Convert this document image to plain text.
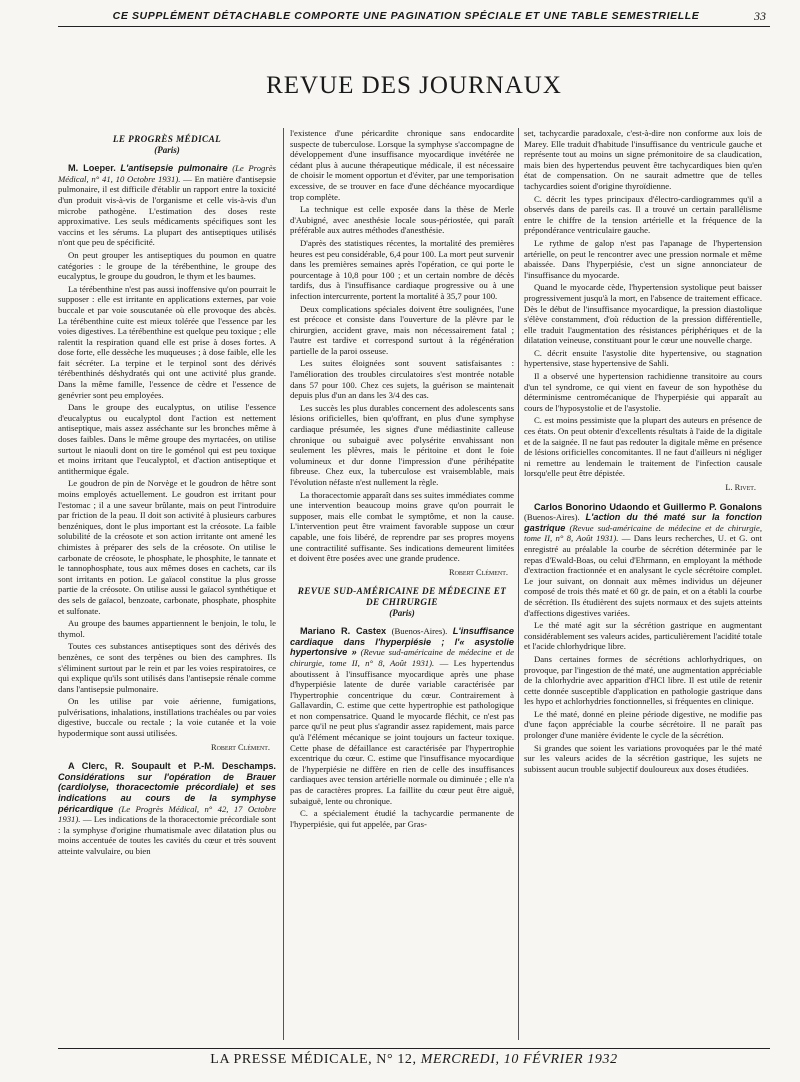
CE SUPPLÉMENT DÉTACHABLE COMPORTE UNE PAGINATION SPÉCIALE ET UNE TABLE SEMESTRIELLE	33
REVUE DES JOURNAUX
LE PROGRÈS MÉDICAL
(Paris)

M. Loeper. L'antisepsie pulmonaire (Le Progrès Médical, n° 41, 10 Octobre 1931). — En matière d'antisepsie pulmonaire, il est difficile d'établir un rapport entre la toxicité d'un produit vis-à-vis de l'organisme et celle vis-à-vis d'un microbe pathogène. L'estimation des doses reste approximative. Les seuls médicaments spécifiques sont les vaccins et les sérums. La plupart des antiseptiques utilisés n'ont que peu de spécificité.

On peut grouper les antiseptiques du poumon en quatre catégories : le groupe de la térébenthine, le groupe des eucalyptus, le groupe du goudron, le thym et les baumes.

La térébenthine n'est pas aussi inoffensive qu'on pourrait le supposer : elle est irritante en applications externes, par voie buccale et par voie souscutanée où elle provoque des abcès. La térébenthine cuite est mieux tolérée que l'essence par les voies digestives. La térébenthine est quelque peu toxique ; elle ralentit la respiration quand elle est prise à doses fortes. A dose forte, elle dessèche les muqueuses ; à dose faible, elle les fait sécréter. La terpine et le terpinol sont des dérivés térébenthinés déshydratés qui ont une activité plus grande. Dans la même famille, l'essence de cèdre et l'essence de genévrier sont peu employées.

Dans le groupe des eucalyptus, on utilise l'essence d'eucalyptus ou eucalyptol dont l'action est nettement antiseptique, mais assez asséchante sur les bronches même à doses faibles. Dans le même groupe des myrtacées, on utilise surtout le niaouli dont on tire le goménol qui est peu toxique et moins irritant que l'eucalyptol, et d'action antiseptique et antithermique égale.

Le goudron de pin de Norvège et le goudron de hêtre sont moins employés actuellement. Le goudron est irritant pour l'estomac ; il a une saveur brûlante, mais on peut l'introduire par friction de la peau. Il doit son activité à plusieurs carbures benzéniques, dont le plus important est la créosote. La faible solubilité de la créosote et son action irritante ont amené les chimistes à préparer des sels de la créosote. On utilise le carbonate de créosote, le phosphate, le phosphite, le tannate et le tannophosphate, tous aux mêmes doses en cachets, car ils sont irritants en potion. Le gaïacol constitue la plus grosse partie de la créosote. On utilise aussi le gaïacol synthétique et des sels de gaïacol, benzoate, carbonate, phosphate, phosphite et sulfonate.

Au groupe des baumes appartiennent le benjoin, le tolu, le thymol.

Toutes ces substances antiseptiques sont des dérivés des benzènes, ce sont des terpènes ou bien des camphres. Ils s'éliminent surtout par le rein et par les voies respiratoires, ce qui explique qu'ils sont utilisés dans l'antisepsie rénale comme dans l'antisepsie pulmonaire.

On les utilise par voie aérienne, fumigations, pulvérisations, inhalations, instillations trachéales ou par voies digestive, buccale ou rectale ; la voie cutanée et la voie hypodermique sont aussi utilisées.

Robert Clément.

A Clerc, R. Soupault et P.-M. Deschamps. Considérations sur l'opération de Brauer (cardiolyse, thoracectomie précordiale) et ses indications au cours de la symphyse péricardique (Le Progrès Médical, n° 42, 17 Octobre 1931). — Les indications de la thoracectomie précordiale sont : la symphyse d'origine rhumatismale avec dilatation plus ou moins accentuée de toutes les cavités du cœur et très souvent atteinte valvulaire, ou bien

l'existence d'une péricardite chronique sans endocardite suspecte de tuberculose. Lorsque la symphyse s'accompagne de développement d'une insuffisance myocardique invétérée ne cédant plus à aucune thérapeutique médicale, il est nécessaire de choisir le moment opportun et d'éviter, par une temporisation excessive, de se trouver en face d'une déchéance myocardique trop complète.

La technique est celle exposée dans la thèse de Merle d'Aubigné, avec anesthésie locale sous-périostée, qui paraît préférable aux autres méthodes d'anesthésie.

D'après des statistiques récentes, la mortalité des premières heures est peu considérable, 6,4 pour 100. La mort peut survenir dans les premières semaines après l'opération, ce qui porte le pourcentage à 10,8 pour 100 ; et un certain nombre de décès tardifs, dus à l'insuffisance cardiaque progressive ou à une infection intercurrente, portent la mortalité à 35,7 pour 100.

Deux complications spéciales doivent être soulignées, l'une est précoce et consiste dans l'ouverture de la plèvre par le chirurgien, accident grave, mais non nécessairement fatal ; l'autre est tardive et correspond surtout à la régénération partielle de la paroi osseuse.

Les suites éloignées sont souvent satisfaisantes : l'amélioration des troubles circulatoires s'est montrée notable dans 57 pour 100. Chez ces sujets, la guérison se maintenait depuis plus d'un an dans les 3/4 des cas.

Les succès les plus durables concernent des adolescents sans lésions orificielles, bien qu'offrant, en plus d'une symphyse cardiaque présumée, les signes d'une médiastinite calleuse chronique ou subaiguë avec polysérite envahissant non seulement les plèvres, mais le péritoine et dont le foie volumineux et dur donne l'impression d'une périhépatite fibreuse. Chez eux, la tuberculose est vraisemblable, mais l'évolution néfaste n'est nullement la règle.

La thoracectomie apparaît dans ses suites immédiates comme une intervention beaucoup moins grave qu'on pourrait le supposer, mais elle combat le symptôme, et non la cause. L'intervention peut être vraiment favorable suppose un cœur capable, une fois libéré, de reprendre par ses propres moyens une contractilité suffisante. Ses indications demeurent limitées et doivent être posées avec une grande prudence.

Robert Clément.
REVUE SUD-AMÉRICAINE DE MÉDECINE ET DE CHIRURGIE
(Paris)

Mariano R. Castex (Buenos-Aires). L'insuffisance cardiaque dans l'hyperpiésie ; l'« asystolie hypertonsive » (Revue sud-américaine de médecine et de chirurgie, tome II, n° 8, Août 1931). — Les hypertendus aboutissent à l'insuffisance myocardique après une phase d'hyperpiésie latente de durée variable caractérisée par l'hypertrophie concentrique du cœur. Contrairement à Gallavardin, C. estime que cette hypertrophie est pathologique et non compensatrice. Quand le myocarde fléchit, ce n'est pas parce qu'il ne peut plus s'agrandir assez rapidement, mais parce qu'à l'élément mécanique se joint toujours un facteur toxique. Cette phase de défaillance est caractérisée par l'hypertrophie excentrique du cœur. C. estime que l'insuffisance myocardique de l'hyperpiésie ne diffère en rien de celle des insuffisances cardiaques avec tension artérielle normale ou diminuée ; elle n'a pas de caractères propres. La faillite du cœur peut être aiguë, subaiguë, lente ou chronique.

C. a spécialement étudié la tachycardie permanente de l'hyperpiésie, qui fut appelée, par Gras-

set, tachycardie paradoxale, c'est-à-dire non conforme aux lois de Marey. Elle traduit d'habitude l'insuffisance du ventricule gauche et représente tout au moins un signe prémonitoire de sa claudication, mais bien des hypertendus peuvent être tachycardiques bien qu'en état de compensation. On ne saurait admettre que de telles tachycardies soient d'origine thyroïdienne.

C. décrit les types principaux d'électro-cardiogrammes qu'il a observés dans de pareils cas. Il a trouvé un certain parallélisme entre le chiffre de la tension artérielle et la fréquence de la prépondérance ventriculaire gauche.

Le rythme de galop n'est pas l'apanage de l'hypertension artérielle, on peut le rencontrer avec une pression normale et même abaissée. Dans l'hyperpiésie, c'est un signe annonciateur de l'insuffisance du myocarde.

Quand le myocarde cède, l'hypertension systolique peut baisser progressivement jusqu'à la mort, en l'absence de traitement efficace. Dès le début de l'insuffisance myocardique, la pression diastolique s'élève constamment, d'où réduction de la pression différentielle, elle traduit l'augmentation des résistances périphériques et de la dilatation veineuse, constituant pour le cœur une nouvelle charge.

C. décrit ensuite l'asystolie dite hypertensive, ou stagnation hypertensive, stase hypertensive de Sahli.

Il a observé une hypertension rachidienne transitoire au cours d'un tel syndrome, ce qui vient en faveur de son hypothèse du déterminisme centromécanique de l'hyperpiésie qui apparaît au cours de l'hyposystolie et de l'asystolie.

C. est moins pessimiste que la plupart des auteurs en présence de ces états. On peut obtenir d'excellents résultats à l'aide de la digitale et de la saignée. Il ne faut pas redouter la digitale même en présence de lésions orificielles concomitantes. Il ne faut d'ailleurs ni négliger ni remettre au lendemain le traitement de l'infection causale lorsqu'elle peut être dépistée.

L. Rivet.

Carlos Bonorino Udaondo et Guillermo P. Gonalons (Buenos-Aires). L'action du thé maté sur la fonction gastrique (Revue sud-américaine de médecine et de chirurgie, tome II, n° 8, Août 1931). — Dans leurs recherches, U. et G. ont enregistré au préalable la courbe de sécrétion déterminée par le repas d'Ewald-Boas, ou celui d'Ehrmann, en employant la méthode d'extraction fractionnée et en analysant le cycle sécrétoire complet. Le jour suivant, on donnait aux mêmes individus un déjeuner composé de trois thés maté et 60 gr. de pain, et on a établi la courbe de sécrétion. Ils étudièrent des sujets normaux et des sujets atteints d'affections digestives variées.

Le thé maté agit sur la sécrétion gastrique en augmentant considérablement ses valeurs acides, particulièrement l'acidité totale et l'acide chlorhydrique libre.

Dans certaines formes de sécrétions achlorhydriques, on provoque, par l'ingestion de thé maté, une augmentation appréciable de la chlorhydrie avec apparition d'HCl libre. Il est utile de retenir cette donnée susceptible d'application en pathologie gastrique dans les hypo et achlorhydries fonctionnelles, si fréquentes en clinique.

Le thé maté, donné en pleine période digestive, ne modifie pas d'une façon appréciable la courbe sécrétoire. Il ne paraît pas prolonger d'une manière évidente le cycle de la sécrétion.

Si grandes que soient les variations provoquées par le thé maté sur les valeurs acides de la sécrétion gastrique, les sujets ne subissent aucun trouble subjectif douloureux aux doses étudiées.

LA PRESSE MÉDICALE, N° 12, MERCREDI, 10 FÉVRIER 1932
